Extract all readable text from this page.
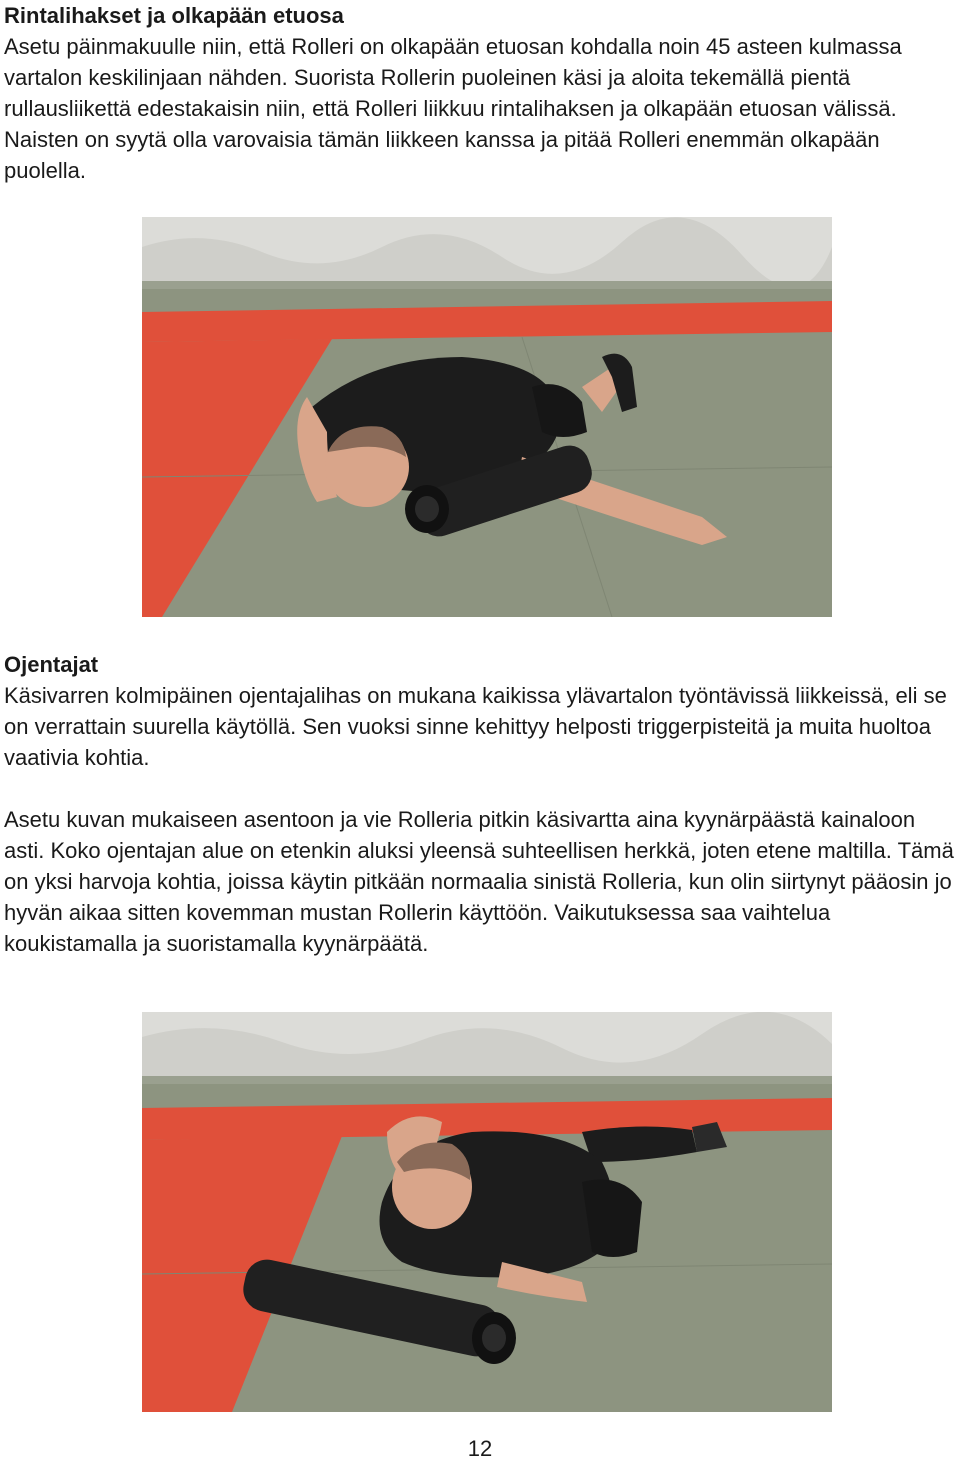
Rintalihakset ja olkapään etuosa

Asetu päinmakuulle niin, että Rolleri on olkapään etuosan kohdalla noin 45 asteen kulmassa vartalon keskilinjaan nähden. Suorista Rollerin puoleinen käsi ja aloita tekemällä pientä rullausliikettä edestakaisin niin, että Rolleri liikkuu rintalihaksen ja olkapään etuosan välissä. Naisten on syytä olla varovaisia tämän liikkeen kanssa ja pitää Rolleri enemmän olkapään puolella.

Ojentajat

Käsivarren kolmipäinen ojentajalihas on mukana kaikissa ylävartalon työntävissä liikkeissä, eli se on verrattain suurella käytöllä. Sen vuoksi sinne kehittyy helposti triggerpisteitä ja muita huoltoa vaativia kohtia.

Asetu kuvan mukaiseen asentoon ja vie Rolleria pitkin käsivartta aina kyynärpäästä kainaloon asti. Koko ojentajan alue on etenkin aluksi yleensä suhteellisen herkkä, joten etene maltilla. Tämä on yksi harvoja kohtia, joissa käytin pitkään normaalia sinistä Rolleria, kun olin siirtynyt pääosin jo hyvän aikaa sitten kovemman mustan Rollerin käyttöön. Vaikutuksessa saa vaihtelua koukistamalla ja suoristamalla kyynärpäätä.

12
